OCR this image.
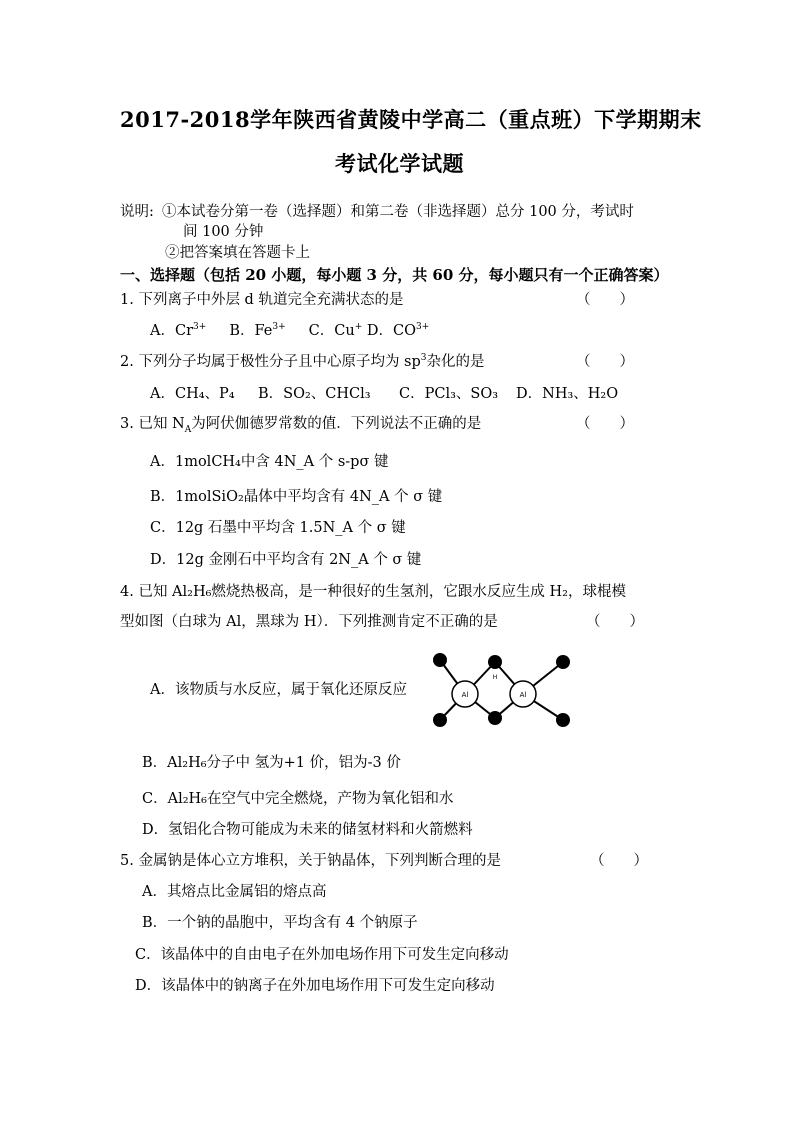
2017-2018学年陕西省黄陵中学高二（重点班）下学期期末
考试化学试题
说明: ①本试卷分第一卷（选择题）和第二卷（非选择题）总分 100 分，考试时
间 100 分钟
②把答案填在答题卡上
一、选择题（包括 20 小题，每小题 3 分，共 60 分，每小题只有一个正确答案）
1. 下列离子中外层 d 轨道完全充满状态的是	（　　）
A．$Cr^{3+}$ B．$Fe^{3+}$ C．Cu+ D．$CO^{3+}$
2. 下列分子均属于极性分子且中心原子均为 $sp^3$杂化的是	（　　）
A．CH₄、P₄ B．SO₂、CHCl₃ C．PCl₃、SO₃ D．NH₃、H₂O
3. 已知 $N_A$为阿伏伽德罗常数的值．下列说法不正确的是	（　　）
A．1molCH₄中含 4N_A 个 s-pσ 键
B．1molSiO₂晶体中平均含有 4N_A 个 σ 键
C．12g 石墨中平均含 1.5N_A 个 σ 键
D．12g 金刚石中平均含有 2N_A 个 σ 键
4. 已知 Al₂H₆燃烧热极高，是一种很好的生氢剂，它跟水反应生成 H₂，球棍模
型如图（白球为 Al，黑球为 H）．下列推测肯定不正确的是	（　　）
A．该物质与水反应，属于氧化还原反应	Al	Al
H
B．Al₂H₆分子中 氢为+1 价，铝为-3 价
C．Al₂H₆在空气中完全燃烧，产物为氧化铝和水
D．氢铝化合物可能成为未来的储氢材料和火箭燃料
5. 金属钠是体心立方堆积，关于钠晶体，下列判断合理的是	（　　）
A．其熔点比金属铝的熔点高
B．一个钠的晶胞中，平均含有 4 个钠原子
C．该晶体中的自由电子在外加电场作用下可发生定向移动
D．该晶体中的钠离子在外加电场作用下可发生定向移动
